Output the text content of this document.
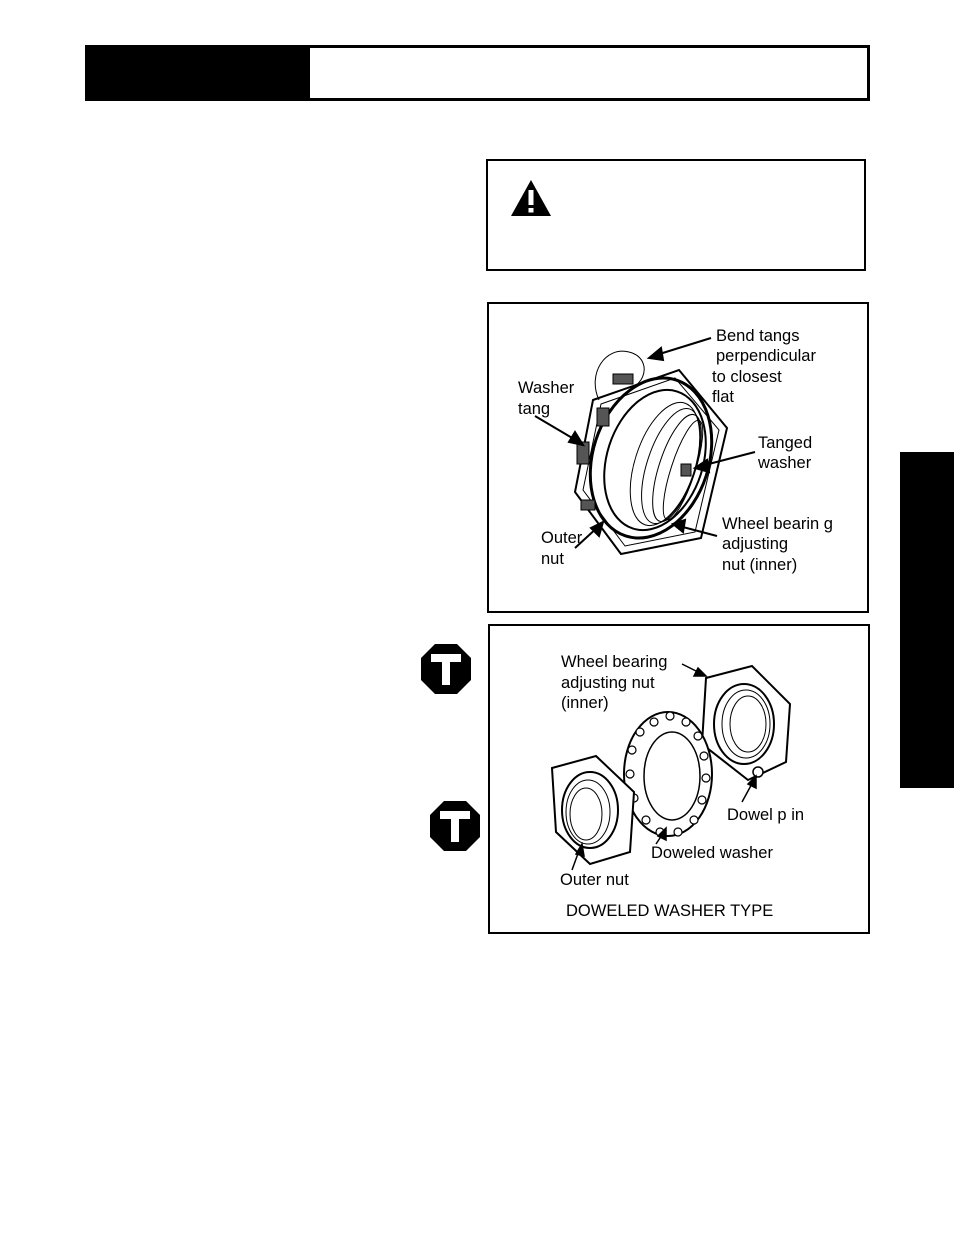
Bend tangs
perpendicular
to closest
flat
Washer
tang
Tanged
washer
Outer
nut
Wheel bearin g
adjusting
nut (inner)
Wheel bearing
adjusting nut
(inner)
Dowel p in
Doweled washer
Outer nut
DOWELED WASHER TYPE
